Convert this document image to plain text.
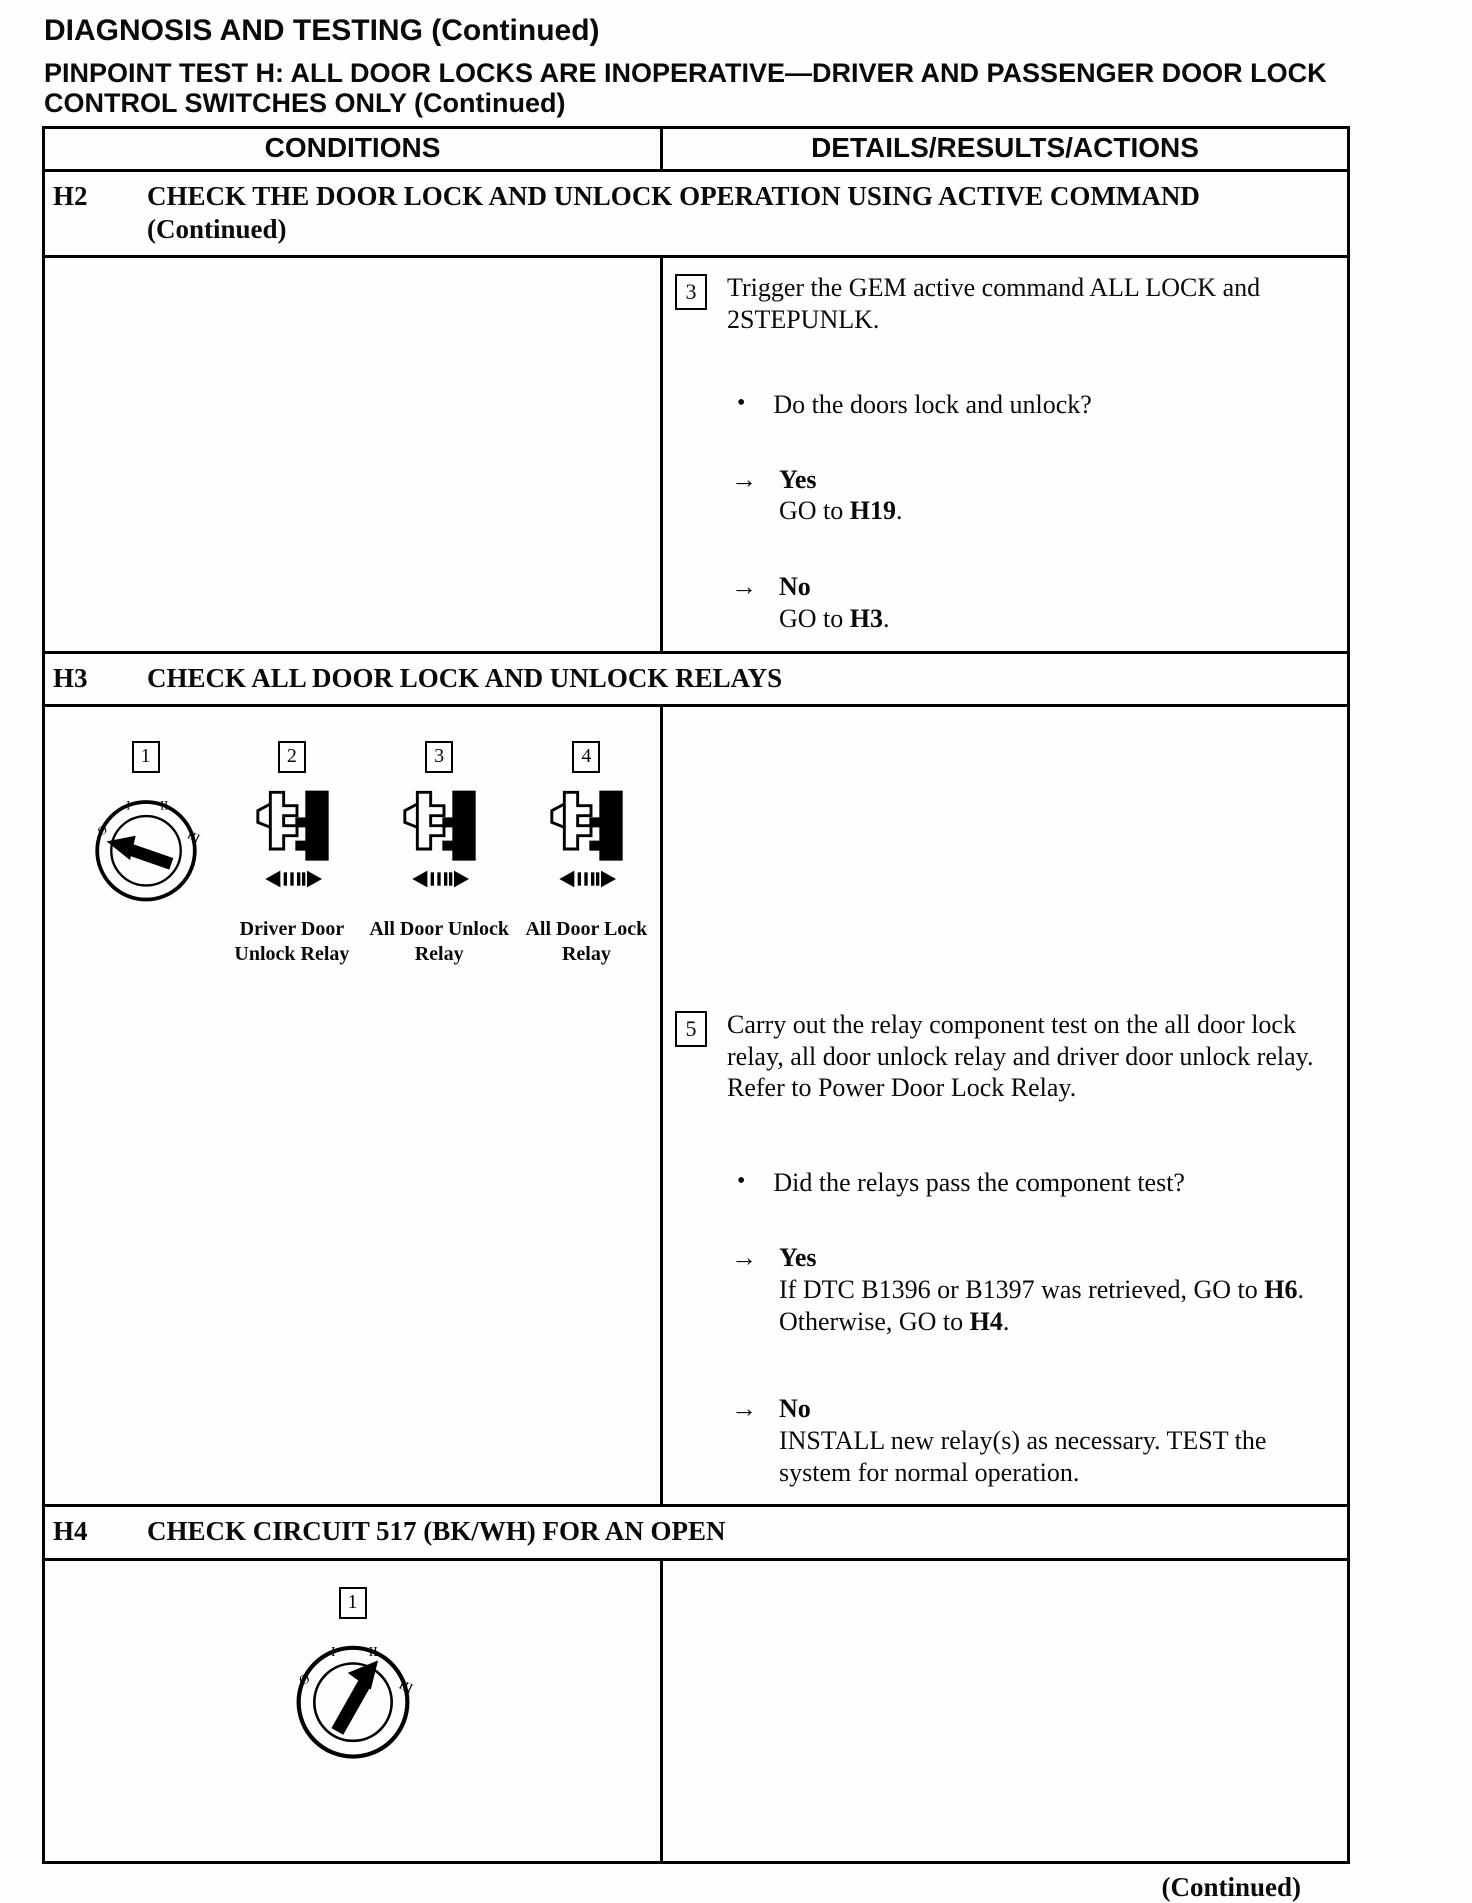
DIAGNOSIS AND TESTING (Continued)
PINPOINT TEST H: ALL DOOR LOCKS ARE INOPERATIVE—DRIVER AND PASSENGER DOOR LOCK CONTROL SWITCHES ONLY (Continued)
CONDITIONS	DETAILS/RESULTS/ACTIONS
H2	CHECK THE DOOR LOCK AND UNLOCK OPERATION USING ACTIVE COMMAND
(Continued)
3	Trigger the GEM active command ALL LOCK and 2STEPUNLK.
• Do the doors lock and unlock?
→ Yes
GO to H19.
→ No
GO to H3.
H3	CHECK ALL DOOR LOCK AND UNLOCK RELAYS
1
Ø
I II
III
2
Driver Door
Unlock Relay
3
All Door Unlock
Relay
4
All Door Lock
Relay
5	Carry out the relay component test on the all door lock relay, all door unlock relay and driver door unlock relay. Refer to Power Door Lock Relay.
• Did the relays pass the component test?
→ Yes
If DTC B1396 or B1397 was retrieved, GO to H6. Otherwise, GO to H4.
→ No
INSTALL new relay(s) as necessary. TEST the system for normal operation.
H4	CHECK CIRCUIT 517 (BK/WH) FOR AN OPEN
1
Ø
I	II
III
(Continued)
